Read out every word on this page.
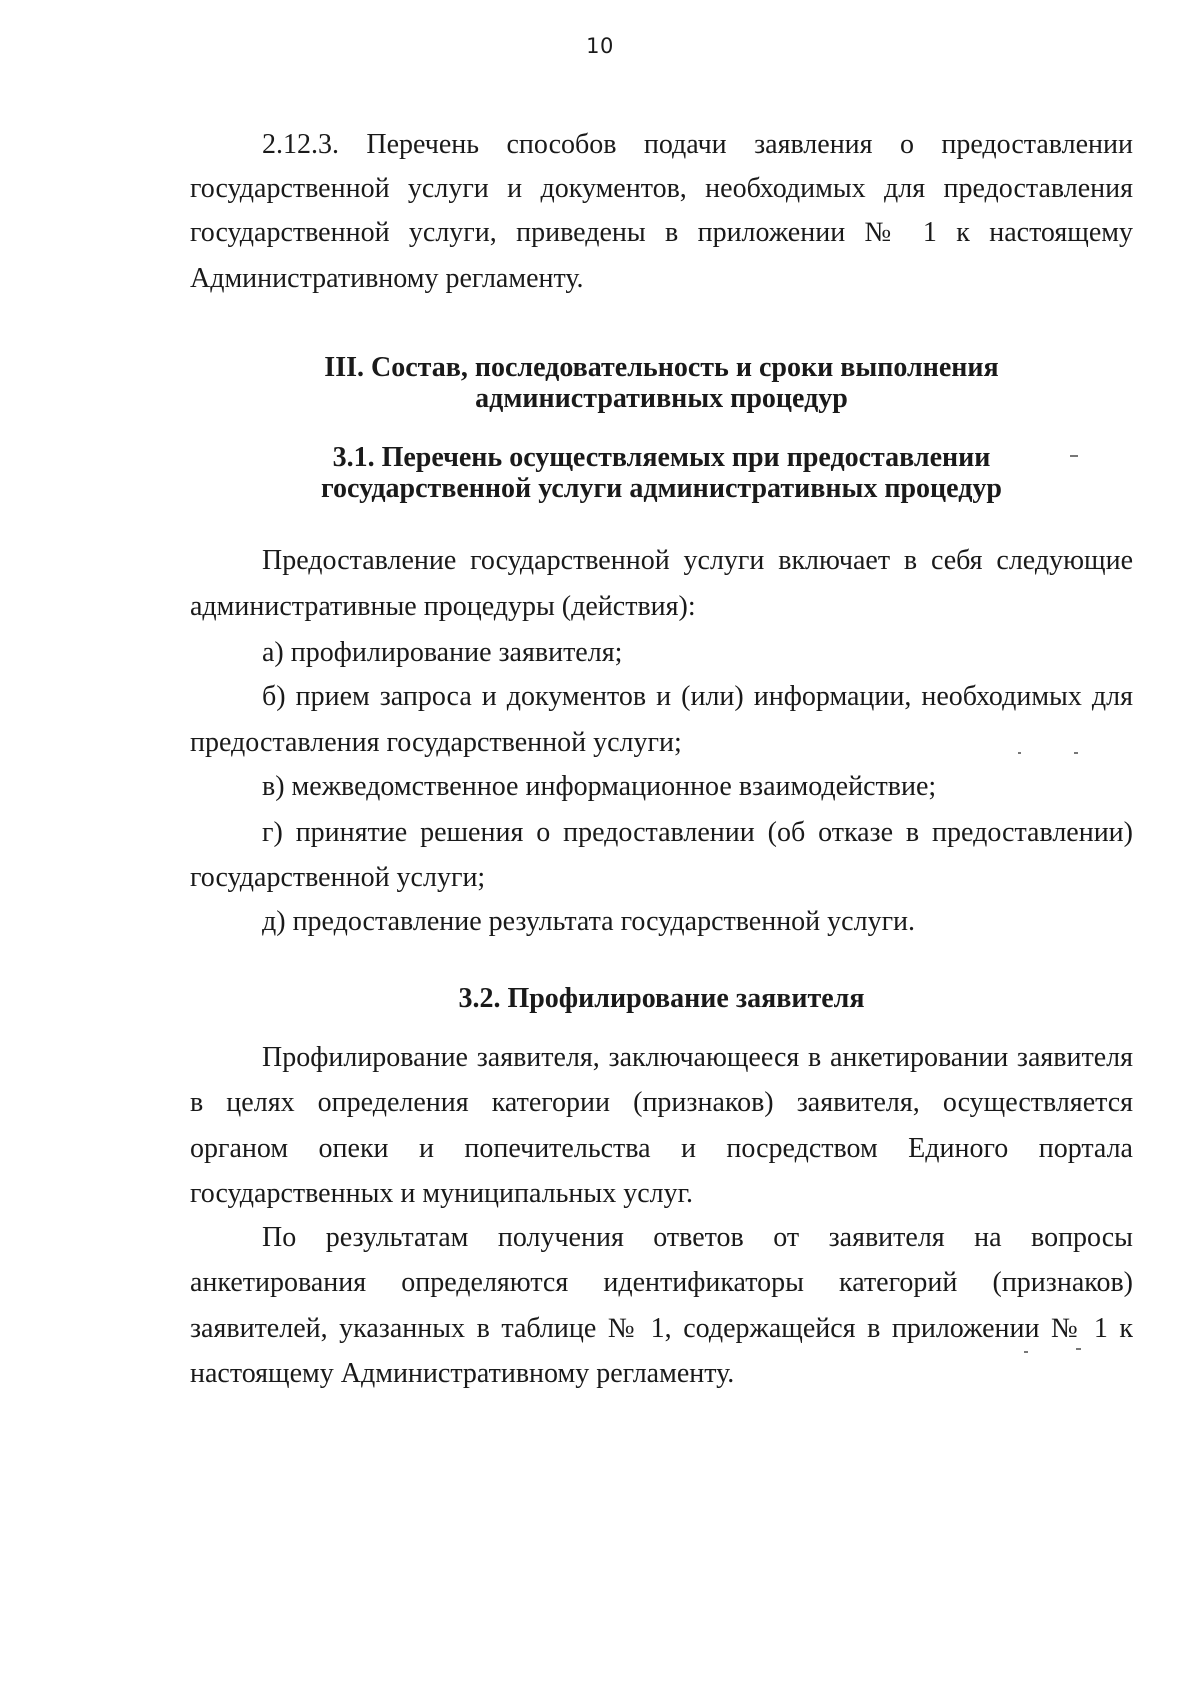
10
2.12.3. Перечень способов подачи заявления о предоставлении
государственной услуги и документов, необходимых для предоставления
государственной услуги, приведены в приложении № 1 к настоящему
Административному регламенту.
III. Состав, последовательность и сроки выполнения
административных процедур
3.1. Перечень осуществляемых при предоставлении
государственной услуги административных процедур
Предоставление государственной услуги включает в себя следующие
административные процедуры (действия):
а) профилирование заявителя;
б) прием запроса и документов и (или) информации, необходимых для
предоставления государственной услуги;
в) межведомственное информационное взаимодействие;
г) принятие решения о предоставлении (об отказе в предоставлении)
государственной услуги;
д) предоставление результата государственной услуги.
3.2. Профилирование заявителя
Профилирование заявителя, заключающееся в анкетировании заявителя
в целях определения категории (признаков) заявителя, осуществляется
органом опеки и попечительства и посредством Единого портала
государственных и муниципальных услуг.
По результатам получения ответов от заявителя на вопросы
анкетирования определяются идентификаторы категорий (признаков)
заявителей, указанных в таблице № 1, содержащейся в приложении № 1 к
настоящему Административному регламенту.
